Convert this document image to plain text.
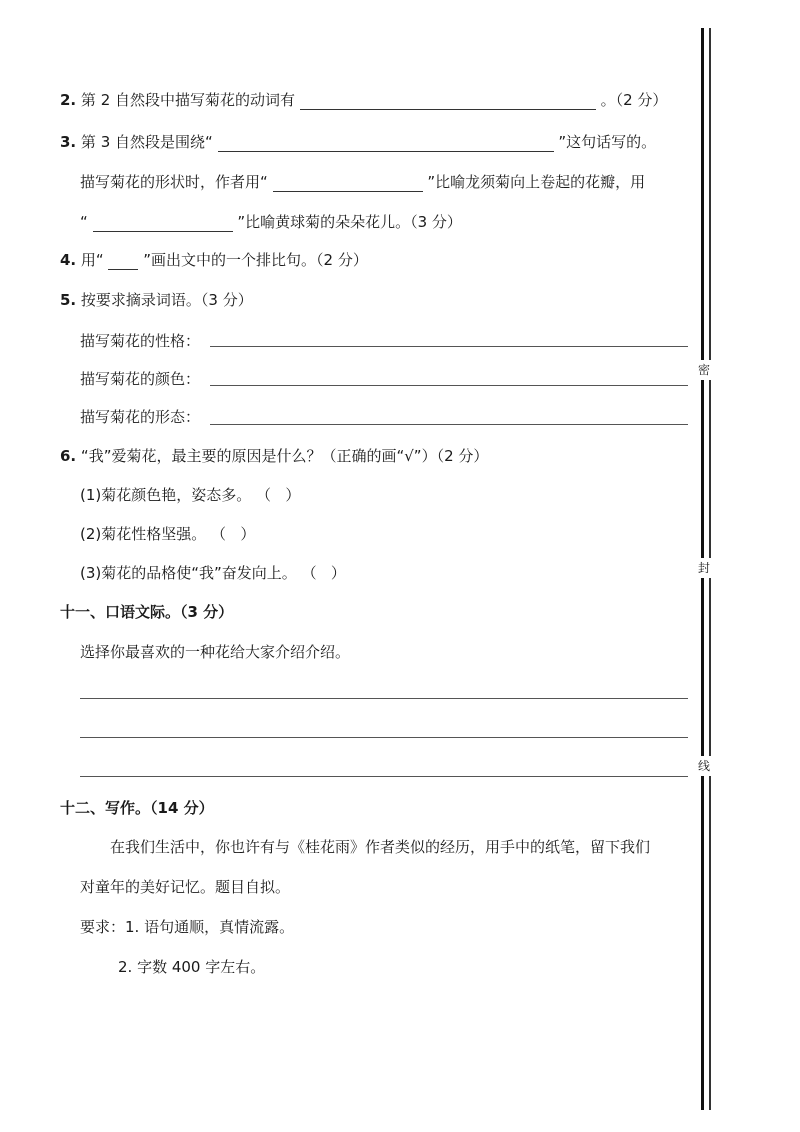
2. 第 2 自然段中描写菊花的动词有	。（2 分）
3. 第 3 自然段是围绕“	”这句话写的。
描写菊花的形状时，作者用“	”比喻龙须菊向上卷起的花瓣，用
“	”比喻黄球菊的朵朵花儿。（3 分）
4. 用“	”画出文中的一个排比句。（2 分）
5. 按要求摘录词语。（3 分）
描写菊花的性格：
描写菊花的颜色：
描写菊花的形态：
6. “我”爱菊花，最主要的原因是什么？（正确的画“√”）（2 分）
(1)菊花颜色艳，姿态多。 （ ）
(2)菊花性格坚强。 （ ）
(3)菊花的品格使“我”奋发向上。 （ ）
十一、口语文际。（3 分）
选择你最喜欢的一种花给大家介绍介绍。
十二、写作。（14 分）
在我们生活中，你也许有与《桂花雨》作者类似的经历，用手中的纸笔，留下我们
对童年的美好记忆。题目自拟。
要求：1. 语句通顺，真情流露。
2. 字数 400 字左右。
密
封
线
